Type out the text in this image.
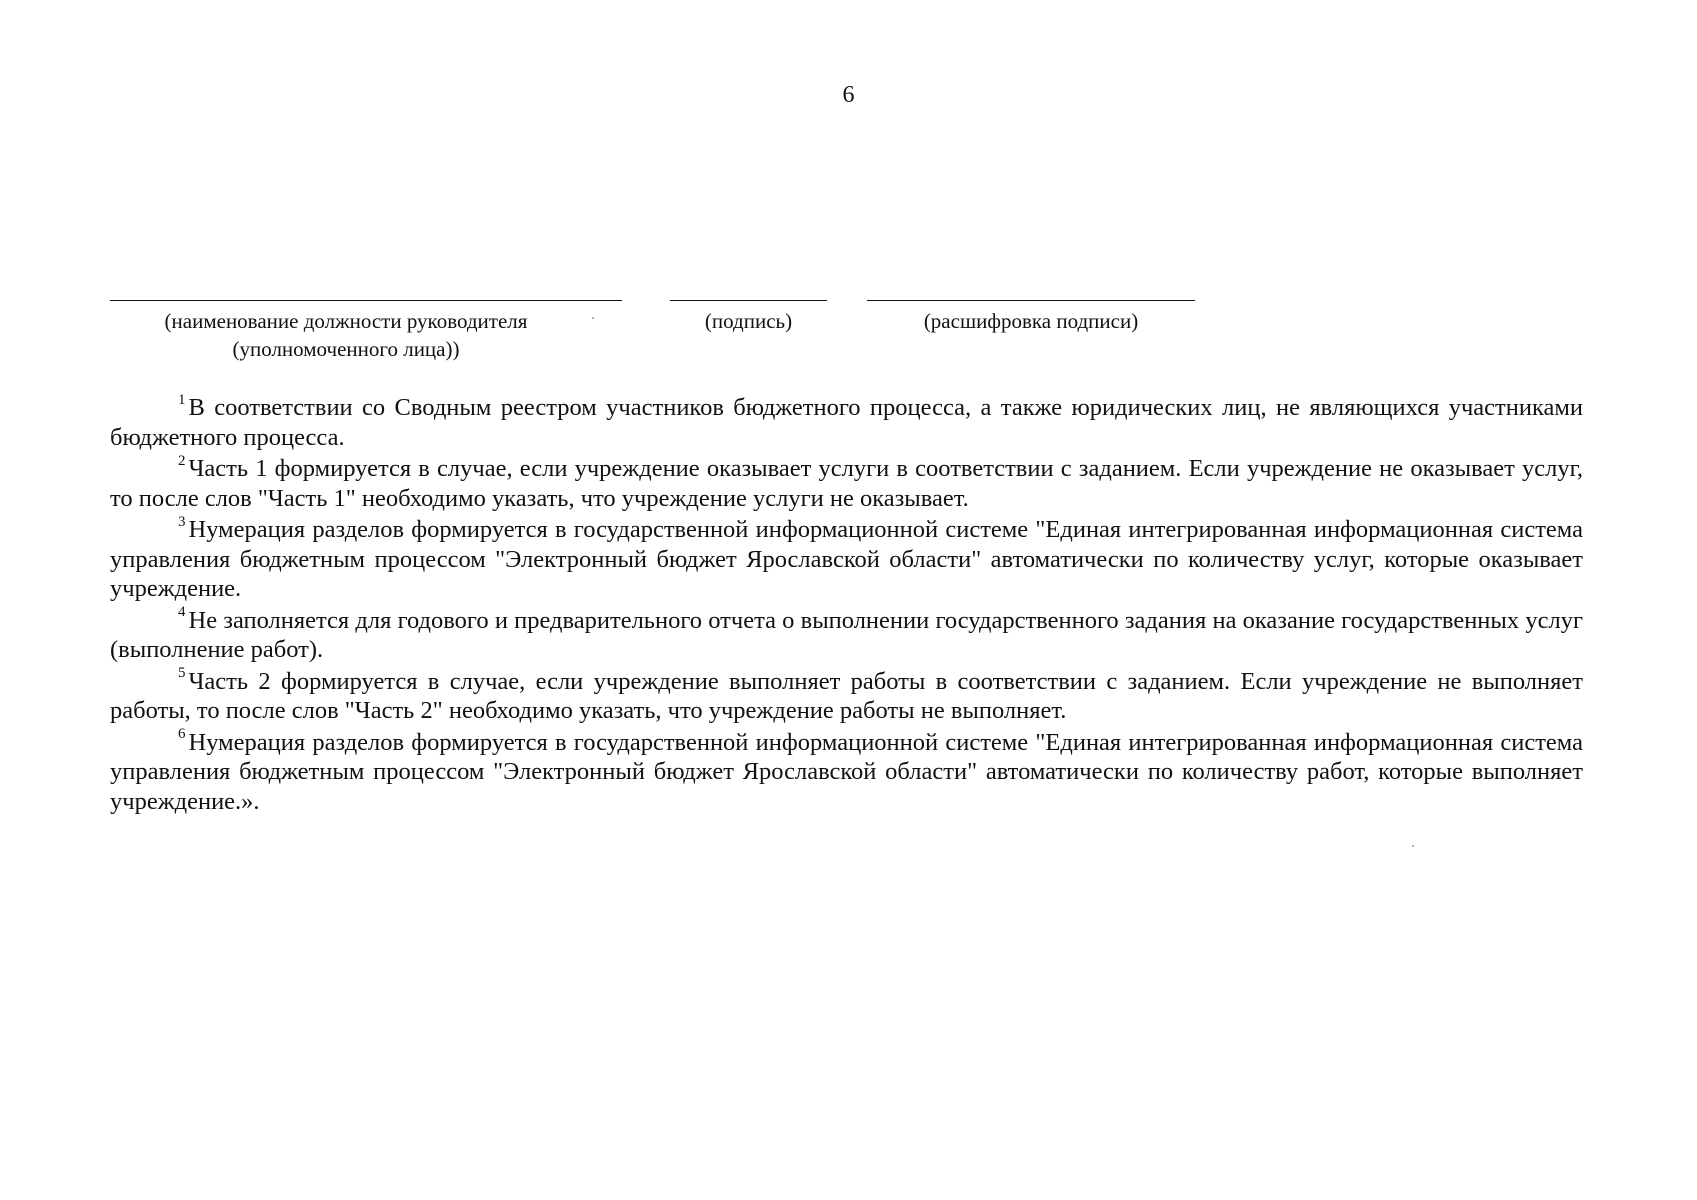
6
(наименование должности руководителя
(уполномоченного лица))
(подпись)	(расшифровка подписи)

$^1$ В соответствии со Сводным реестром участников бюджетного процесса, а также юридических лиц, не являющихся участниками бюджетного процесса.

$^2$ Часть 1 формируется в случае, если учреждение оказывает услуги в соответствии с заданием. Если учреждение не оказывает услуг, то после слов "Часть 1" необходимо указать, что учреждение услуги не оказывает.

$^3$ Нумерация разделов формируется в государственной информационной системе "Единая интегрированная информационная система управления бюджетным процессом "Электронный бюджет Ярославской области" автоматически по количеству услуг, которые оказывает учреждение.

$^4$ Не заполняется для годового и предварительного отчета о выполнении государственного задания на оказание государственных услуг (выполнение работ).

$^5$ Часть 2 формируется в случае, если учреждение выполняет работы в соответствии с заданием. Если учреждение не выполняет работы, то после слов "Часть 2" необходимо указать, что учреждение работы не выполняет.

$^6$ Нумерация разделов формируется в государственной информационной системе "Единая интегрированная информационная система управления бюджетным процессом "Электронный бюджет Ярославской области" автоматически по количеству работ, которые выполняет учреждение.».
